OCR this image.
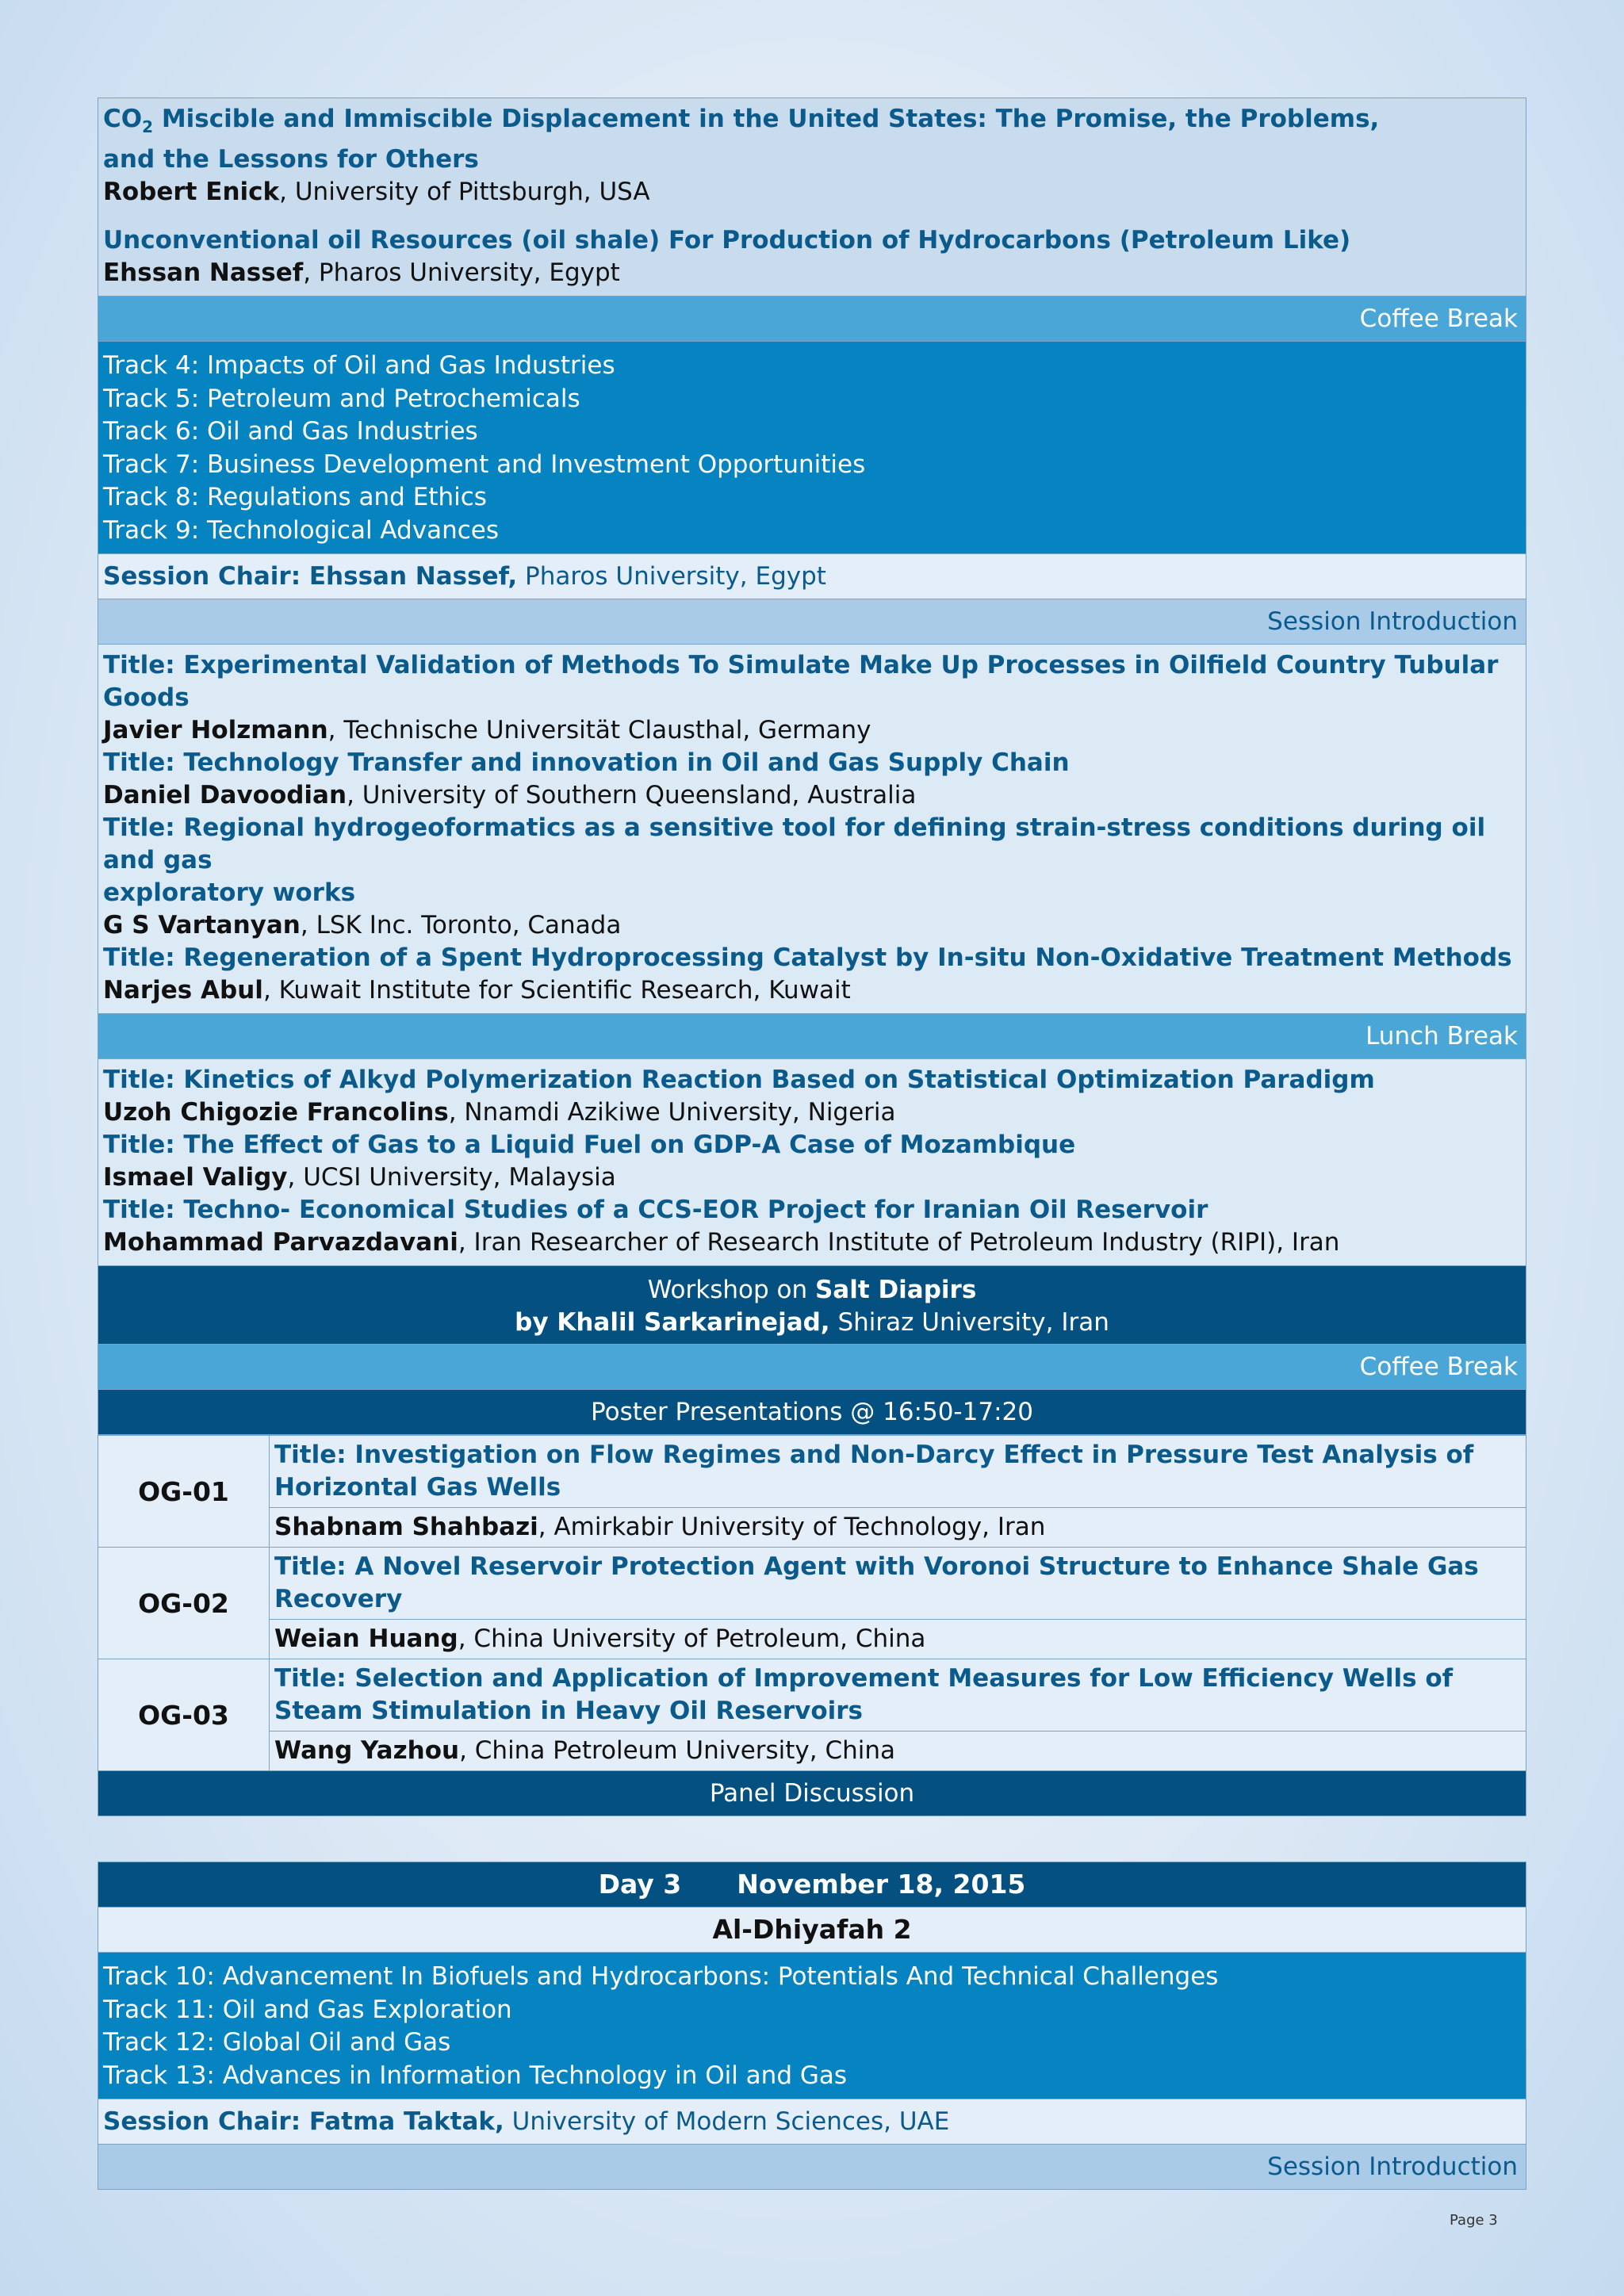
$CO_2$ Miscible and Immiscible Displacement in the United States: The Promise, the Problems,
and the Lessons for Others
Robert Enick, University of Pittsburgh, USA
Unconventional oil Resources (oil shale) For Production of Hydrocarbons (Petroleum Like)
Ehssan Nassef, Pharos University, Egypt
Coffee Break
Track 4: Impacts of Oil and Gas Industries
Track 5: Petroleum and Petrochemicals
Track 6: Oil and Gas Industries
Track 7: Business Development and Investment Opportunities
Track 8: Regulations and Ethics
Track 9: Technological Advances
Session Chair: Ehssan Nassef, Pharos University, Egypt
Session Introduction
Title: Experimental Validation of Methods To Simulate Make Up Processes in Oilfield Country Tubular Goods
Javier Holzmann, Technische Universität Clausthal, Germany
Title: Technology Transfer and innovation in Oil and Gas Supply Chain
Daniel Davoodian, University of Southern Queensland, Australia
Title: Regional hydrogeoformatics as a sensitive tool for defining strain-stress conditions during oil and gas
exploratory works
G S Vartanyan, LSK Inc. Toronto, Canada
Title: Regeneration of a Spent Hydroprocessing Catalyst by In-situ Non-Oxidative Treatment Methods
Narjes Abul, Kuwait Institute for Scientific Research, Kuwait
Lunch Break
Title: Kinetics of Alkyd Polymerization Reaction Based on Statistical Optimization Paradigm
Uzoh Chigozie Francolins, Nnamdi Azikiwe University, Nigeria
Title: The Effect of Gas to a Liquid Fuel on GDP-A Case of Mozambique
Ismael Valigy, UCSI University, Malaysia
Title: Techno- Economical Studies of a CCS-EOR Project for Iranian Oil Reservoir
Mohammad Parvazdavani, Iran Researcher of Research Institute of Petroleum Industry (RIPI), Iran
Workshop on Salt Diapirs
by Khalil Sarkarinejad, Shiraz University, Iran
Coffee Break
Poster Presentations @ 16:50-17:20
OG-01	Title: Investigation on Flow Regimes and Non-Darcy Effect in Pressure Test Analysis of Horizontal Gas Wells
	Shabnam Shahbazi, Amirkabir University of Technology, Iran
OG-02	Title: A Novel Reservoir Protection Agent with Voronoi Structure to Enhance Shale Gas Recovery
	Weian Huang, China University of Petroleum, China
OG-03	Title: Selection and Application of Improvement Measures for Low Efficiency Wells of Steam Stimulation in Heavy Oil Reservoirs
	Wang Yazhou, China Petroleum University, China
Panel Discussion
Day 3 November 18, 2015
Al-Dhiyafah 2
Track 10: Advancement In Biofuels and Hydrocarbons: Potentials And Technical Challenges
Track 11: Oil and Gas Exploration
Track 12: Global Oil and Gas
Track 13: Advances in Information Technology in Oil and Gas
Session Chair: Fatma Taktak, University of Modern Sciences, UAE
Session Introduction
Page 3
